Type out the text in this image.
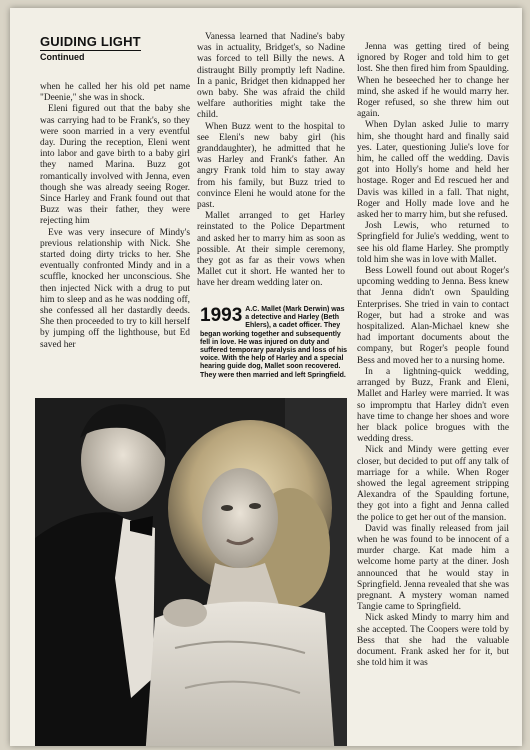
GUIDING LIGHT
Continued

when he called her his old pet name "Deenie," she was in shock.

Eleni figured out that the baby she was carrying had to be Frank's, so they were soon married in a very eventful day. During the reception, Eleni went into labor and gave birth to a baby girl they named Marina. Buzz got romantically involved with Jenna, even though she was already seeing Roger. Since Harley and Frank found out that Buzz was their father, they were rejecting him

Eve was very insecure of Mindy's previous relationship with Nick. She started doing dirty tricks to her. She eventually confronted Mindy and in a scuffle, knocked her unconscious. She then injected Nick with a drug to put him to sleep and as he was nodding off, she confessed all her dastardly deeds. She then proceeded to try to kill herself by jumping off the lighthouse, but Ed saved her

Vanessa learned that Nadine's baby was in actuality, Bridget's, so Nadine was forced to tell Billy the news. A distraught Billy promptly left Nadine. In a panic, Bridget then kidnapped her own baby. She was afraid the child welfare authorities might take the child.

When Buzz went to the hospital to see Eleni's new baby girl (his granddaughter), he admitted that he was Harley and Frank's father. An angry Frank told him to stay away from his family, but Buzz tried to convince Eleni he would atone for the past.

Mallet arranged to get Harley reinstated to the Police Department and asked her to marry him as soon as possible. At their simple ceremony, they got as far as their vows when Mallet cut it short. He wanted her to have her dream wedding later on.

1993 A.C. Mallet (Mark Derwin) was a detective and Harley (Beth Ehlers), a cadet officer. They began working together and subsequently fell in love. He was injured on duty and suffered temporary paralysis and loss of his voice. With the help of Harley and a special hearing guide dog, Mallet soon recovered. They were then married and left Springfield.

Jenna was getting tired of being ignored by Roger and told him to get lost. She then fired him from Spaulding. When he beseeched her to change her mind, she asked if he would marry her. Roger refused, so she threw him out again.

When Dylan asked Julie to marry him, she thought hard and finally said yes. Later, questioning Julie's love for him, he called off the wedding. Davis got into Holly's home and held her hostage. Roger and Ed rescued her and Davis was killed in a fall. That night, Roger and Holly made love and he asked her to marry him, but she refused.

Josh Lewis, who returned to Springfield for Julie's wedding, went to see his old flame Harley. She promptly told him she was in love with Mallet.

Bess Lowell found out about Roger's upcoming wedding to Jenna. Bess knew that Jenna didn't own Spaulding Enterprises. She tried in vain to contact Roger, but had a stroke and was hospitalized. Alan-Michael knew she had important documents about the company, but Roger's people found Bess and moved her to a nursing home.

In a lightning-quick wedding, arranged by Buzz, Frank and Eleni, Mallet and Harley were married. It was so impromptu that Harley didn't even have time to change her shoes and wore her black police brogues with the wedding dress.

Nick and Mindy were getting ever closer, but decided to put off any talk of marriage for a while. When Roger showed the legal agreement stripping Alexandra of the Spaulding fortune, they got into a fight and Jenna called the police to get her out of the mansion.

David was finally released from jail when he was found to be innocent of a murder charge. Kat made him a welcome home party at the diner. Josh announced that he would stay in Springfield. Jenna revealed that she was pregnant. A mystery woman named Tangie came to Springfield.

Nick asked Mindy to marry him and she accepted. The Coopers were told by Bess that she had the valuable document. Frank asked her for it, but she told him it was
